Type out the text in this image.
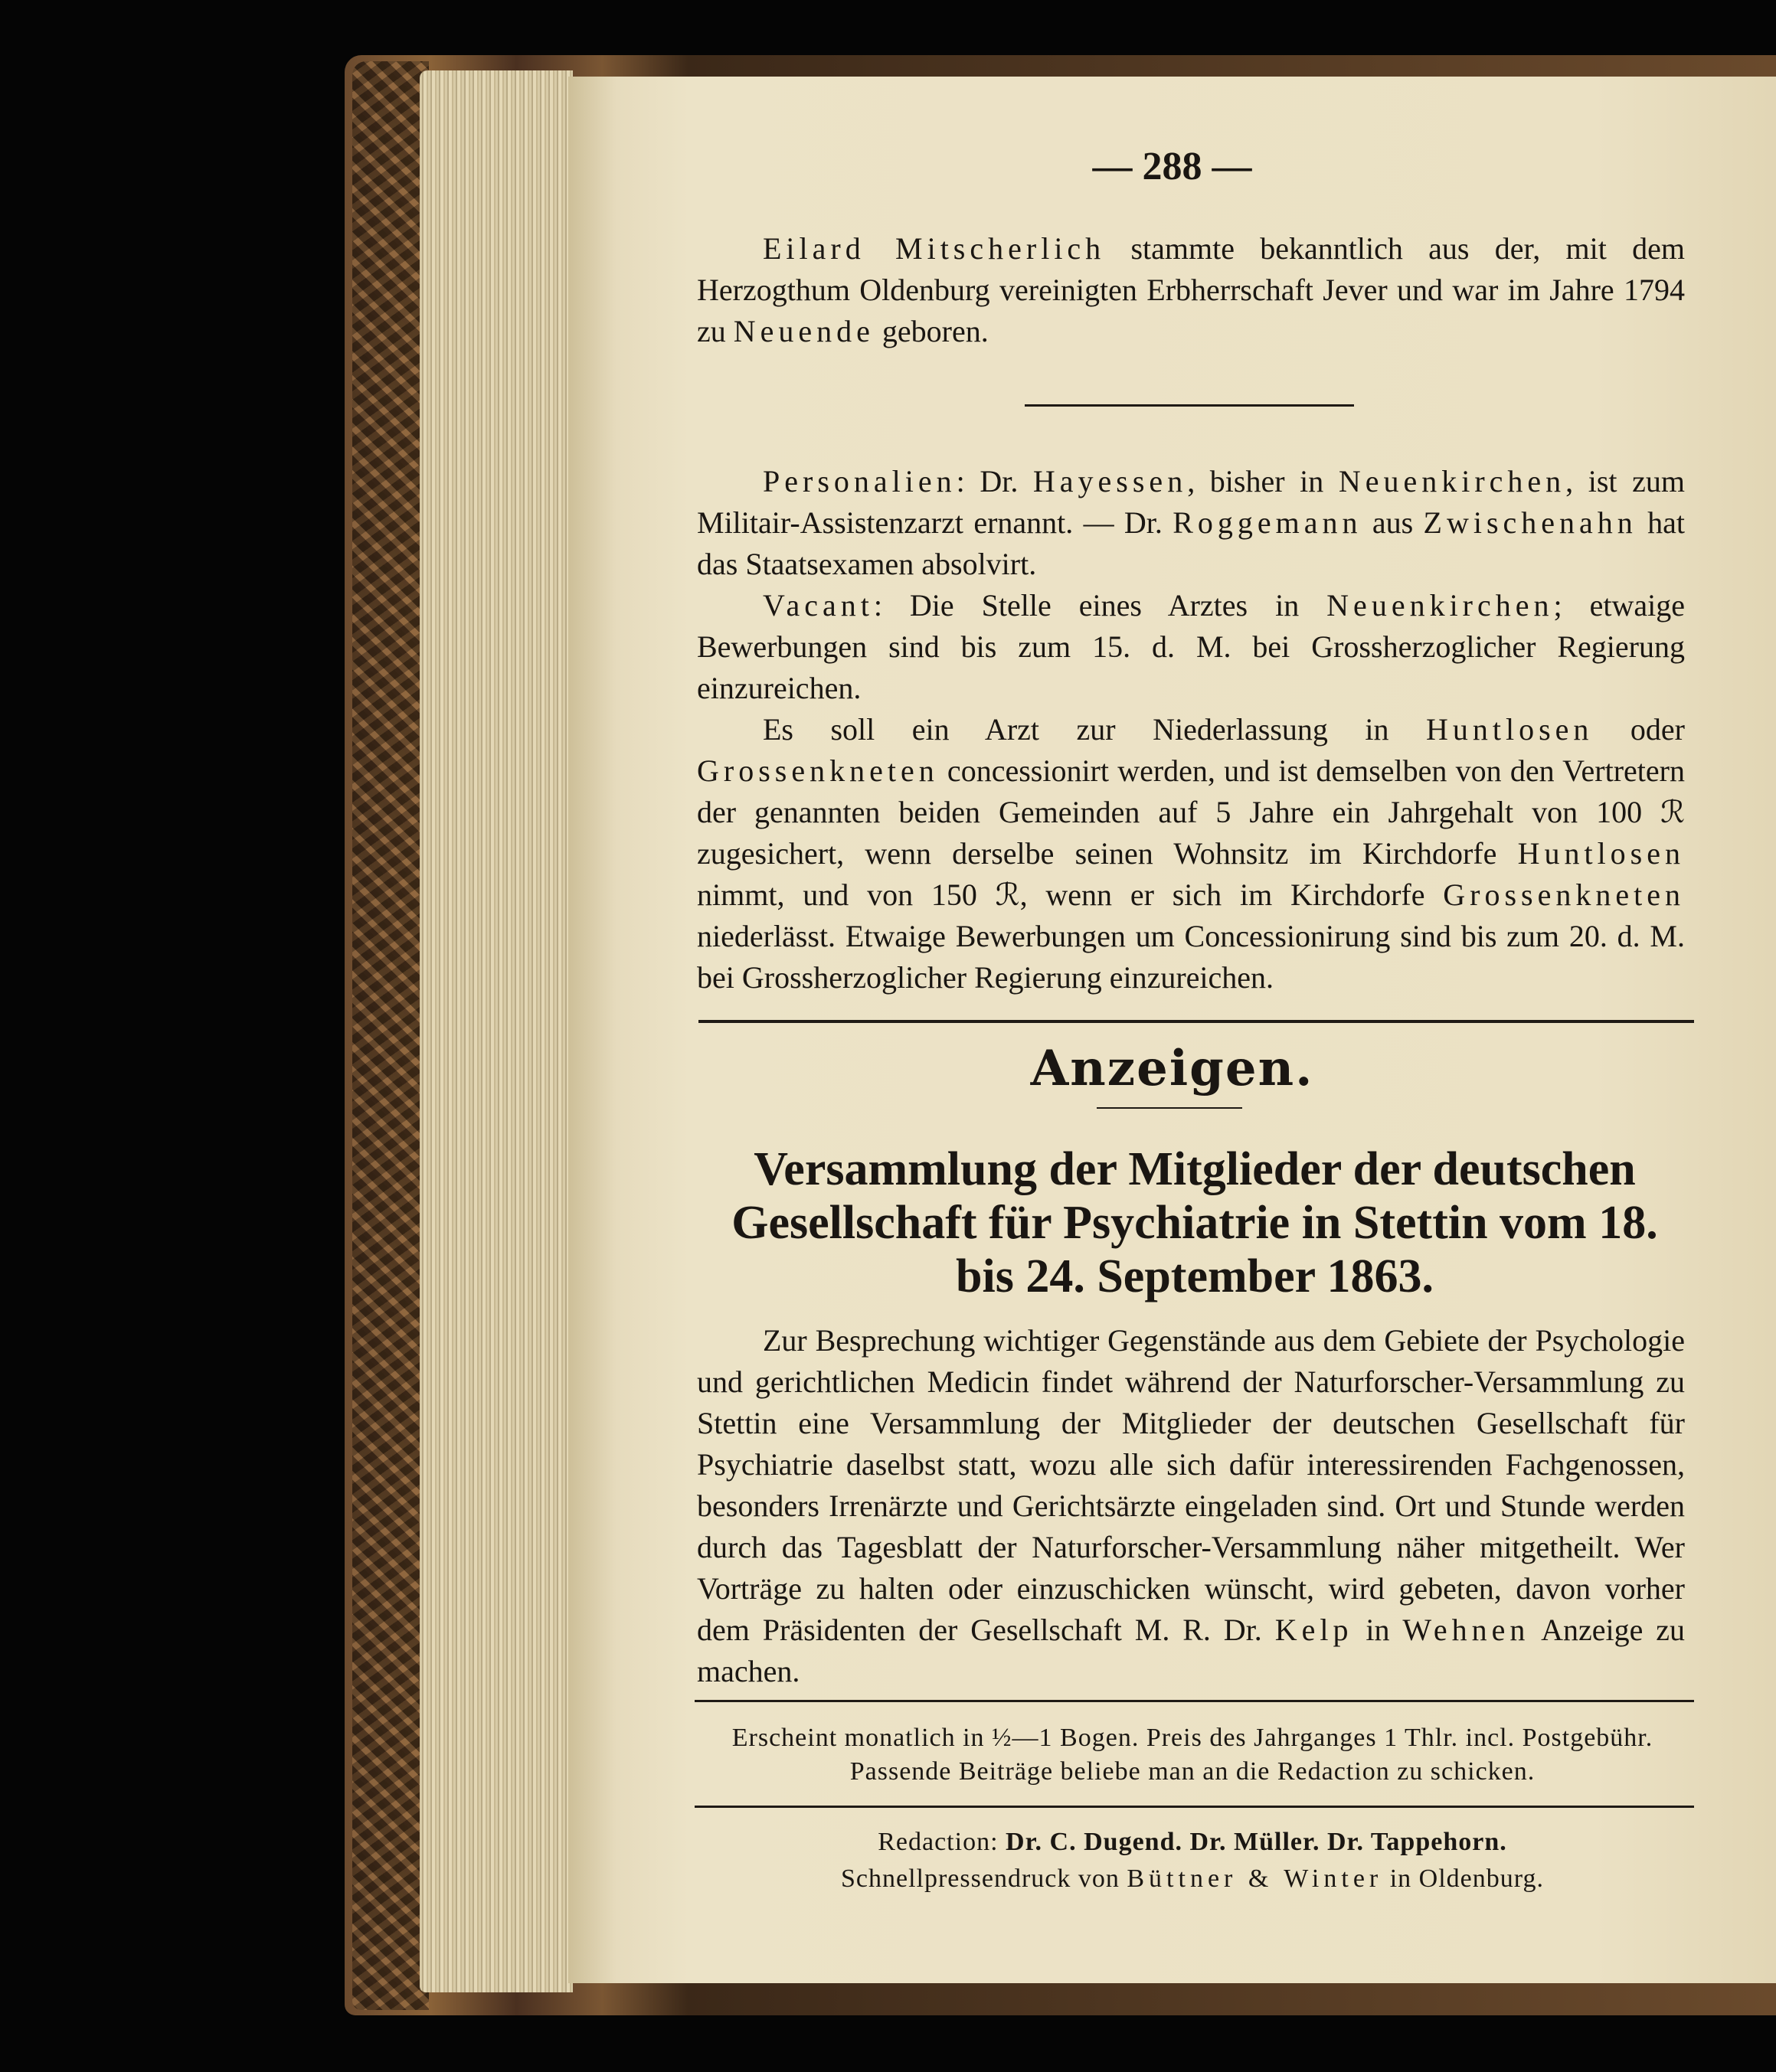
— 288 —

Eilard Mitscherlich stammte bekanntlich aus der, mit dem Herzogthum Oldenburg vereinigten Erbherrschaft Jever und war im Jahre 1794 zu Neuende geboren.

Personalien: Dr. Hayessen, bisher in Neuenkirchen, ist zum Militair-Assistenzarzt ernannt. — Dr. Roggemann aus Zwischenahn hat das Staatsexamen absolvirt.

Vacant: Die Stelle eines Arztes in Neuenkirchen; etwaige Bewerbungen sind bis zum 15. d. M. bei Grossherzoglicher Regierung einzureichen.

Es soll ein Arzt zur Niederlassung in Huntlosen oder Grossenkneten concessionirt werden, und ist demselben von den Vertretern der genannten beiden Gemeinden auf 5 Jahre ein Jahrgehalt von 100 ℛ zugesichert, wenn derselbe seinen Wohnsitz im Kirchdorfe Huntlosen nimmt, und von 150 ℛ, wenn er sich im Kirchdorfe Grossenkneten niederlässt. Etwaige Bewerbungen um Concessionirung sind bis zum 20. d. M. bei Grossherzoglicher Regierung einzureichen.

Anzeigen.
Versammlung der Mitglieder der deutschen Gesellschaft für Psychiatrie in Stettin vom 18. bis 24. September 1863.

Zur Besprechung wichtiger Gegenstände aus dem Gebiete der Psychologie und gerichtlichen Medicin findet während der Naturforscher-Versammlung zu Stettin eine Versammlung der Mitglieder der deutschen Gesellschaft für Psychiatrie daselbst statt, wozu alle sich dafür interessirenden Fachgenossen, besonders Irrenärzte und Gerichtsärzte eingeladen sind. Ort und Stunde werden durch das Tagesblatt der Naturforscher-Versammlung näher mitgetheilt. Wer Vorträge zu halten oder einzuschicken wünscht, wird gebeten, davon vorher dem Präsidenten der Gesellschaft M. R. Dr. Kelp in Wehnen Anzeige zu machen.

Erscheint monatlich in ½—1 Bogen. Preis des Jahrganges 1 Thlr. incl. Postgebühr.
Passende Beiträge beliebe man an die Redaction zu schicken.
Redaction: Dr. C. Dugend. Dr. Müller. Dr. Tappehorn.
Schnellpressendruck von Büttner & Winter in Oldenburg.
